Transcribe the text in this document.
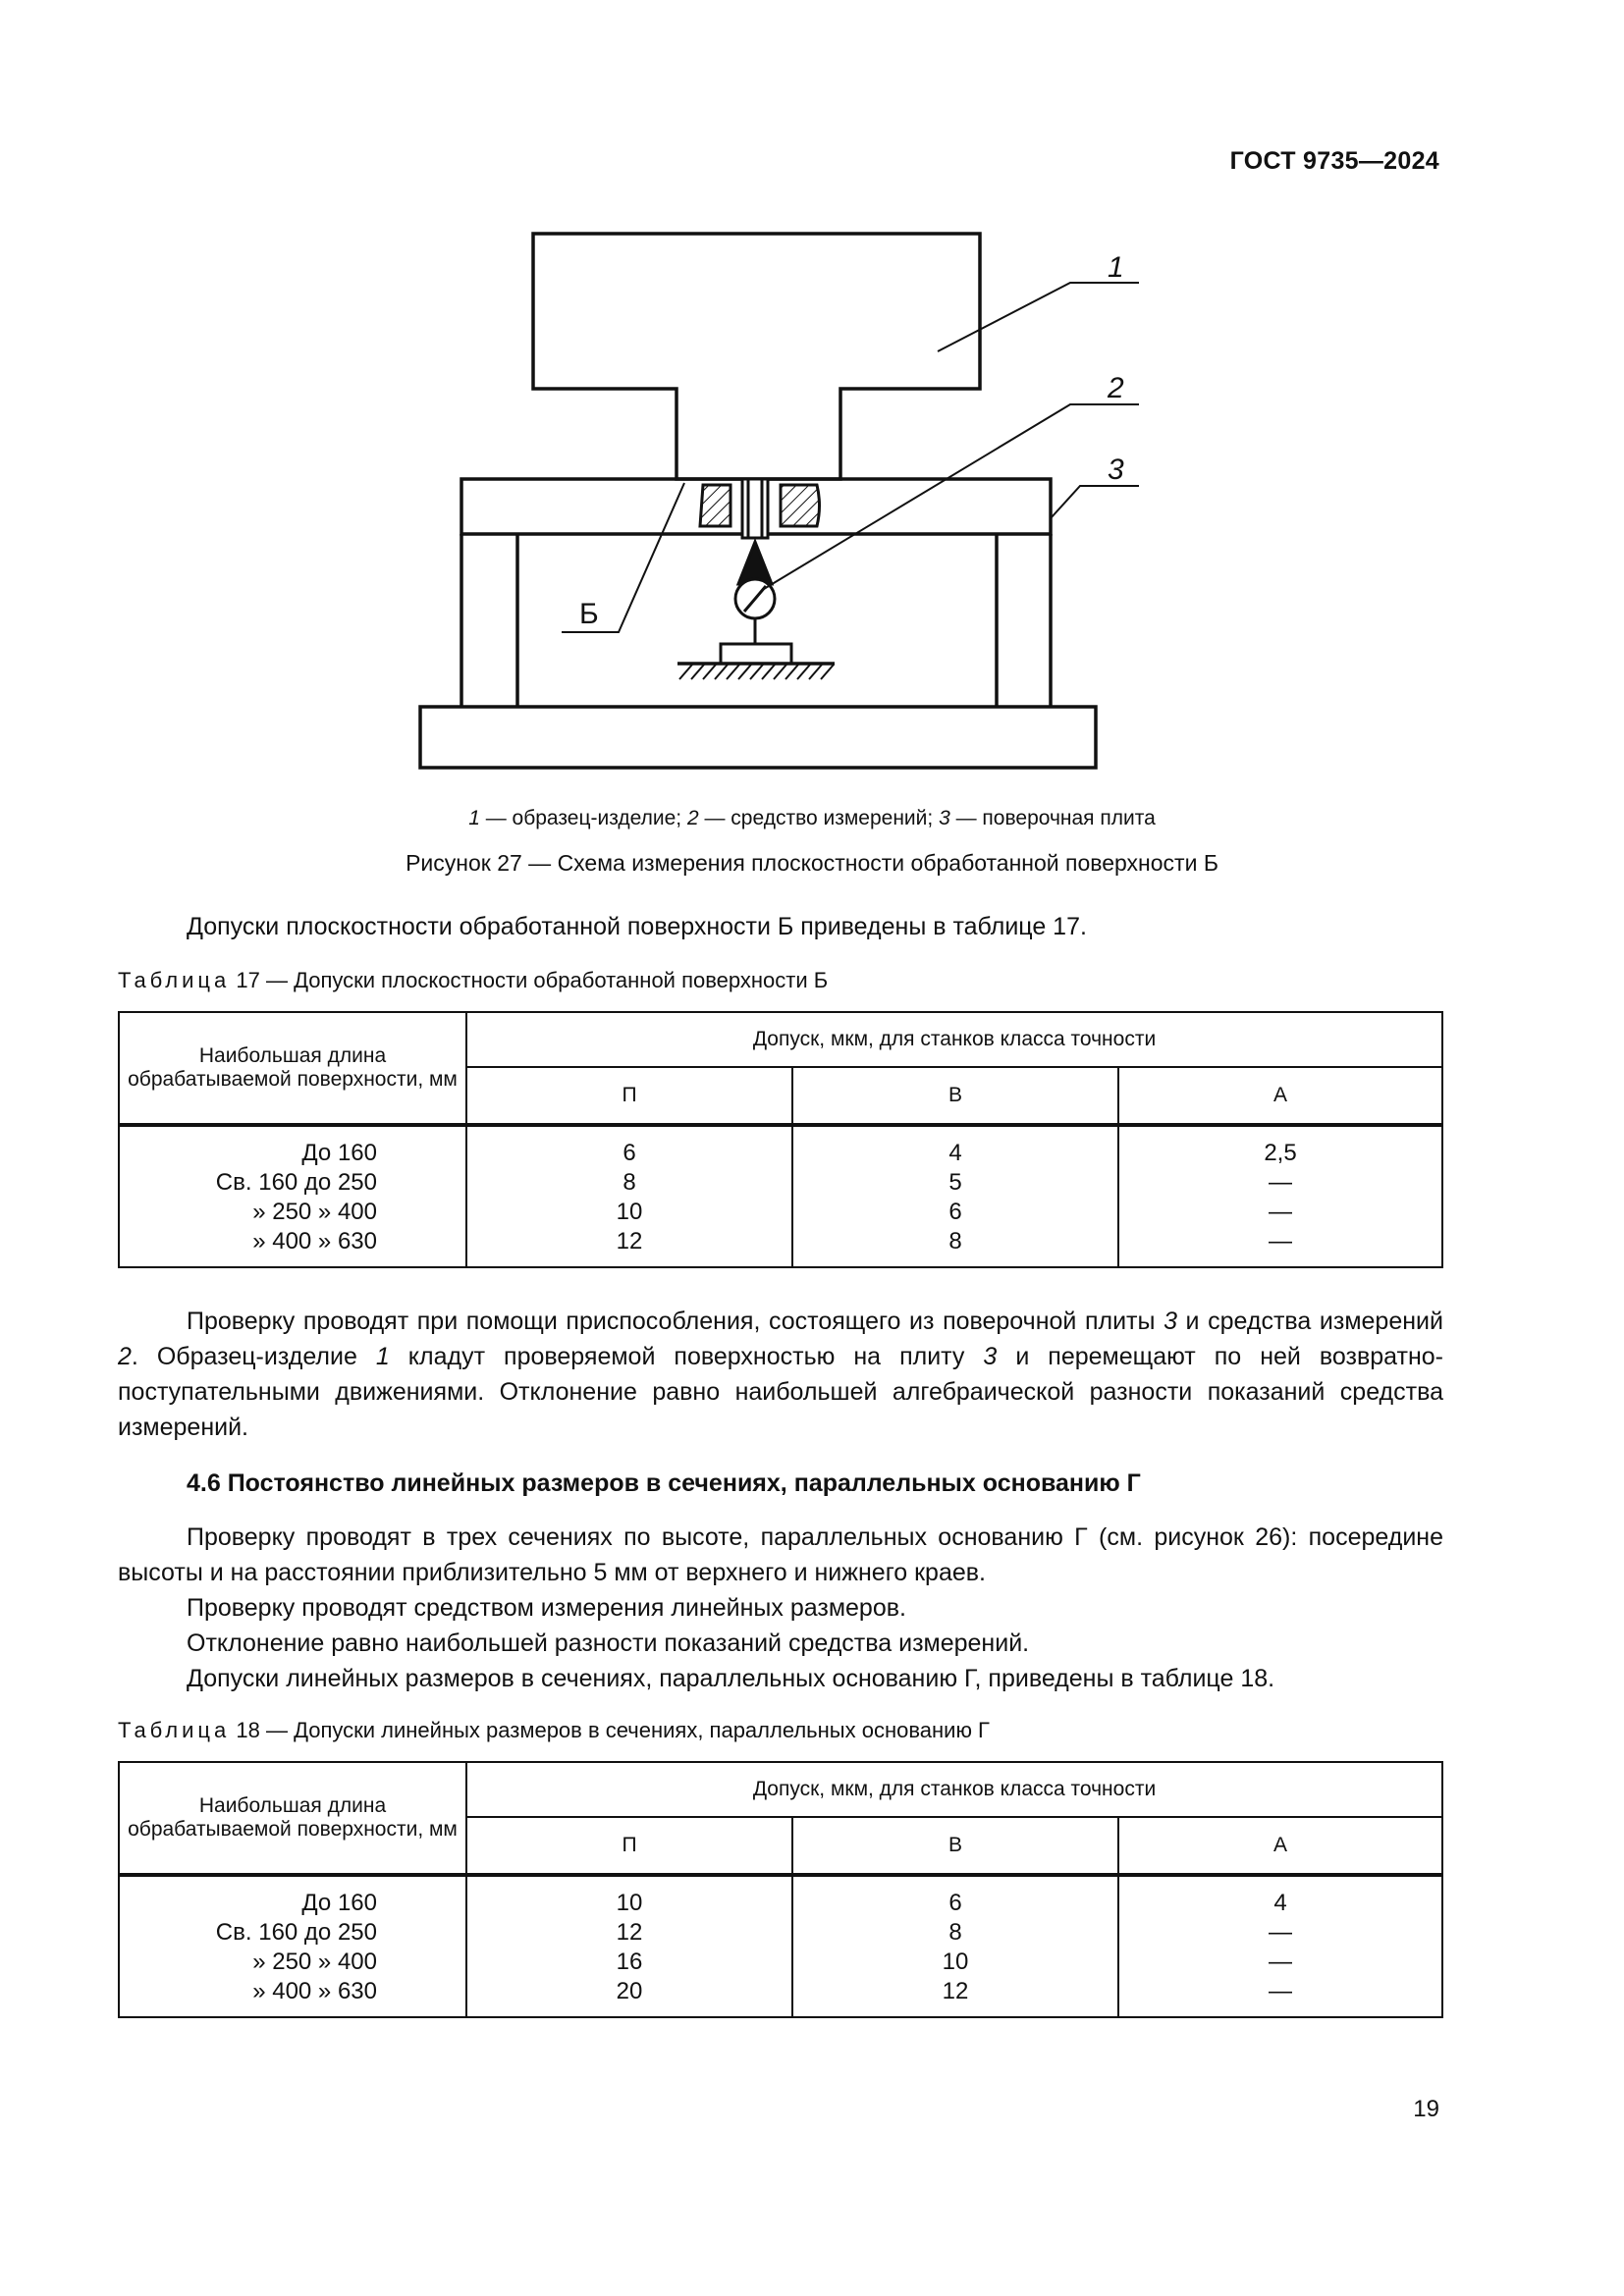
ГОСТ 9735—2024
1
2
3
Б
1 — образец-изделие; 2 — средство измерений; 3 — поверочная плита
Рисунок 27 — Схема измерения плоскостности обработанной поверхности Б
Допуски плоскостности обработанной поверхности Б приведены в таблице 17.
Таблица 17 — Допуски плоскостности обработанной поверхности Б
Наибольшая длина обрабатываемой поверхности, мм	Допуск, мкм, для станков класса точности		
	П	В	А
До 160	6	4	2,5
Св. 160 до 250	8	5	—
» 250 » 400	10	6	—
» 400 » 630	12	8	—
Проверку проводят при помощи приспособления, состоящего из поверочной плиты 3 и средства измерений 2. Образец-изделие 1 кладут проверяемой поверхностью на плиту 3 и перемещают по ней возвратно-поступательными движениями. Отклонение равно наибольшей алгебраической разности показаний средства измерений.
4.6 Постоянство линейных размеров в сечениях, параллельных основанию Г
Проверку проводят в трех сечениях по высоте, параллельных основанию Г (см. рисунок 26): посередине высоты и на расстоянии приблизительно 5 мм от верхнего и нижнего краев.
Проверку проводят средством измерения линейных размеров.
Отклонение равно наибольшей разности показаний средства измерений.
Допуски линейных размеров в сечениях, параллельных основанию Г, приведены в таблице 18.
Таблица 18 — Допуски линейных размеров в сечениях, параллельных основанию Г
Наибольшая длина обрабатываемой поверхности, мм	Допуск, мкм, для станков класса точности		
	П	В	А
До 160	10	6	4
Св. 160 до 250	12	8	—
» 250 » 400	16	10	—
» 400 » 630	20	12	—
19
